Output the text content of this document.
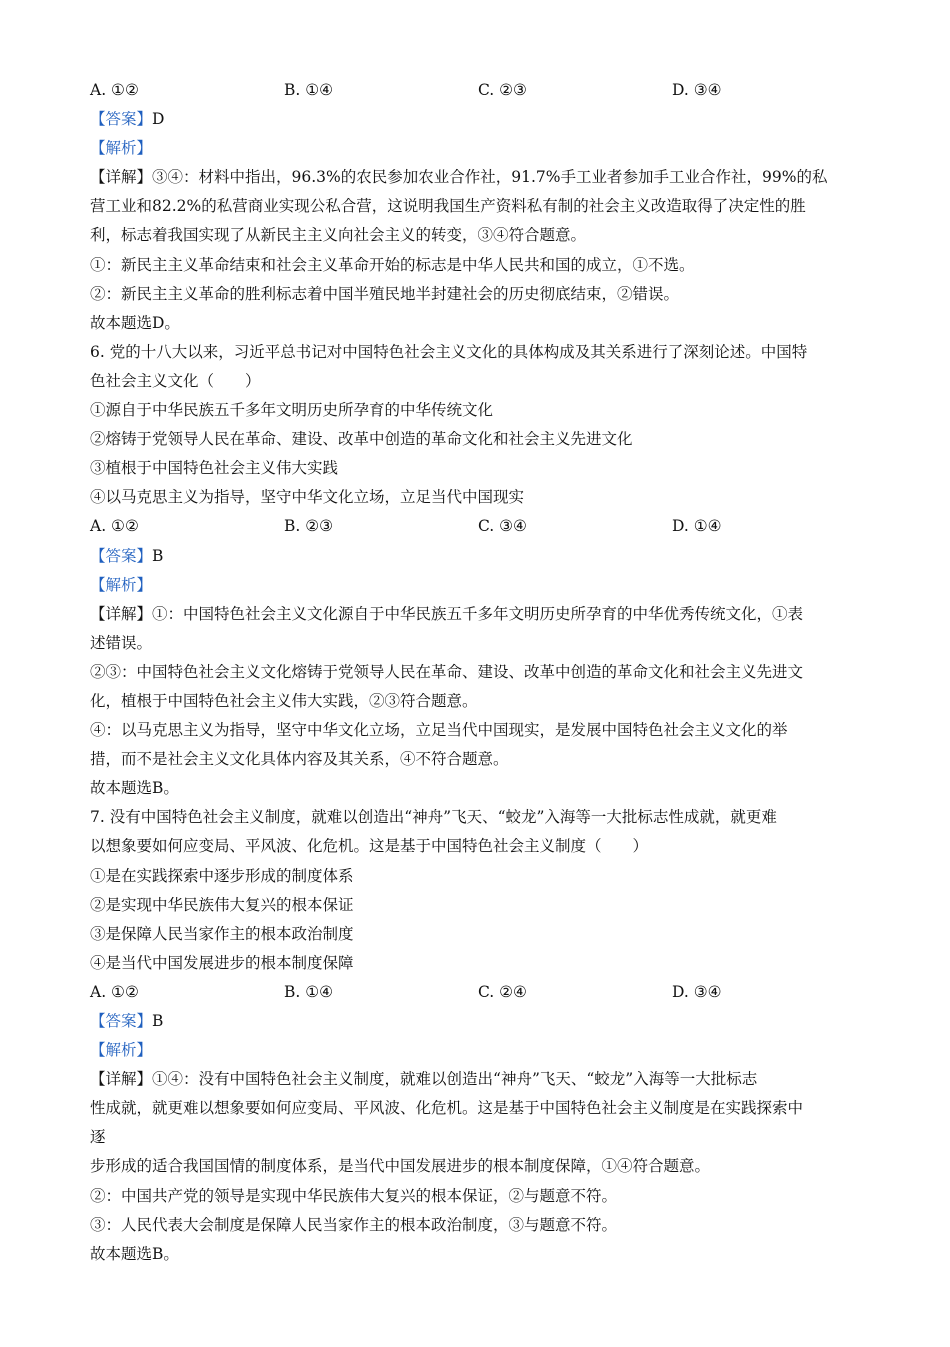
A. ①②	B. ①④	C. ②③	D. ③④
【答案】D
【解析】
【详解】③④：材料中指出，96.3%的农民参加农业合作社，91.7%手工业者参加手工业合作社，99%的私
营工业和82.2%的私营商业实现公私合营，这说明我国生产资料私有制的社会主义改造取得了决定性的胜
利，标志着我国实现了从新民主主义向社会主义的转变，③④符合题意。
①：新民主主义革命结束和社会主义革命开始的标志是中华人民共和国的成立，①不选。
②：新民主主义革命的胜利标志着中国半殖民地半封建社会的历史彻底结束，②错误。
故本题选D。
6. 党的十八大以来，习近平总书记对中国特色社会主义文化的具体构成及其关系进行了深刻论述。中国特
色社会主义文化（　　）
①源自于中华民族五千多年文明历史所孕育的中华传统文化
②熔铸于党领导人民在革命、建设、改革中创造的革命文化和社会主义先进文化
③植根于中国特色社会主义伟大实践
④以马克思主义为指导，坚守中华文化立场，立足当代中国现实
A. ①②	B. ②③	C. ③④	D. ①④
【答案】B
【解析】
【详解】①：中国特色社会主义文化源自于中华民族五千多年文明历史所孕育的中华优秀传统文化，①表
述错误。
②③：中国特色社会主义文化熔铸于党领导人民在革命、建设、改革中创造的革命文化和社会主义先进文
化，植根于中国特色社会主义伟大实践，②③符合题意。
④：以马克思主义为指导，坚守中华文化立场，立足当代中国现实，是发展中国特色社会主义文化的举
措，而不是社会主义文化具体内容及其关系，④不符合题意。
故本题选B。
7. 没有中国特色社会主义制度，就难以创造出“神舟”飞天、“蛟龙”入海等一大批标志性成就，就更难
以想象要如何应变局、平风波、化危机。这是基于中国特色社会主义制度（　　）
①是在实践探索中逐步形成的制度体系
②是实现中华民族伟大复兴的根本保证
③是保障人民当家作主的根本政治制度
④是当代中国发展进步的根本制度保障
A. ①②	B. ①④	C. ②④	D. ③④
【答案】B
【解析】
【详解】①④：没有中国特色社会主义制度，就难以创造出“神舟”飞天、“蛟龙”入海等一大批标志
性成就，就更难以想象要如何应变局、平风波、化危机。这是基于中国特色社会主义制度是在实践探索中
逐
步形成的适合我国国情的制度体系，是当代中国发展进步的根本制度保障，①④符合题意。
②：中国共产党的领导是实现中华民族伟大复兴的根本保证，②与题意不符。
③：人民代表大会制度是保障人民当家作主的根本政治制度，③与题意不符。
故本题选B。
